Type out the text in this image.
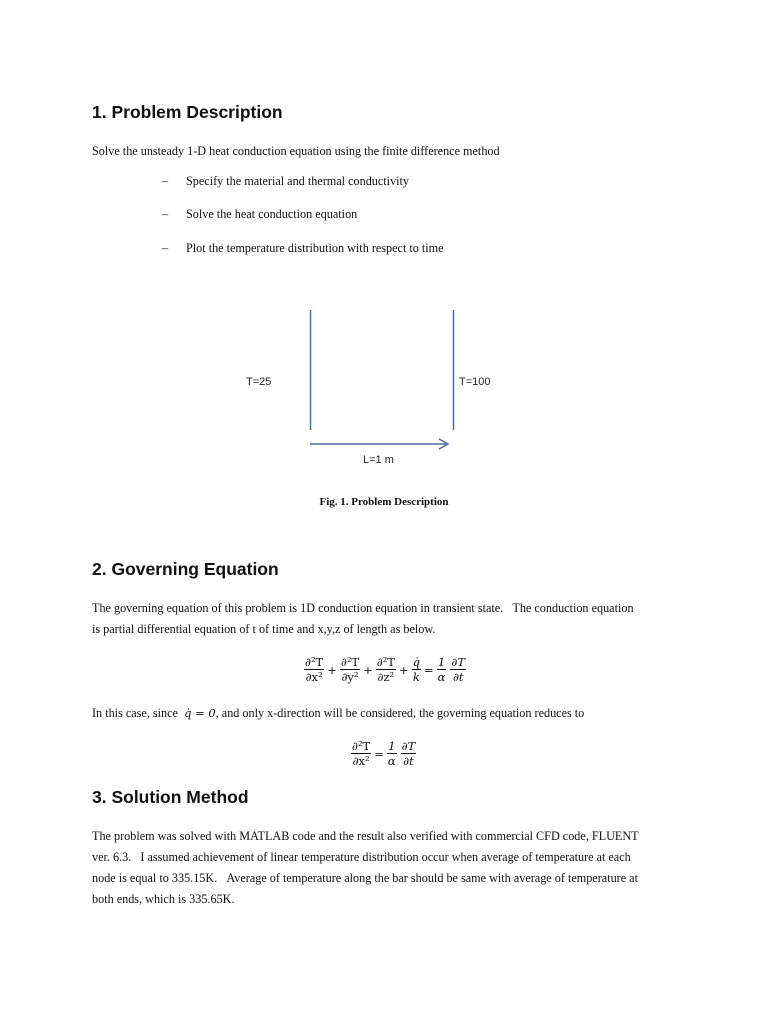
1. Problem Description

Solve the unsteady 1-D heat conduction equation using the finite difference method

– Specify the material and thermal conductivity
– Solve the heat conduction equation
– Plot the temperature distribution with respect to time
T=25	T=100
L=1 m
Fig. 1. Problem Description
2. Governing Equation

The governing equation of this problem is 1D conduction equation in transient state.   The conduction equation

is partial differential equation of t of time and x,y,z of length as below.

$\frac{\text{∂²T}}{\text{∂x²}} + \frac{\text{∂²T}}{\text{∂y²}} + \frac{\text{∂²T}}{\text{∂z²}} + \frac{q̇}{k} = \frac{1}{\alpha} \frac{\partial T}{\partial t}$

In this case, since q̇ = 0, and only x-direction will be considered, the governing equation reduces to

$\frac{\text{∂²T}}{\text{∂x²}} = \frac{1}{\alpha} \frac{\partial T}{\partial t}$
3. Solution Method

The problem was solved with MATLAB code and the result also verified with commercial CFD code, FLUENT

ver. 6.3.   I assumed achievement of linear temperature distribution occur when average of temperature at each

node is equal to 335.15K.   Average of temperature along the bar should be same with average of temperature at

both ends, which is 335.65K.
